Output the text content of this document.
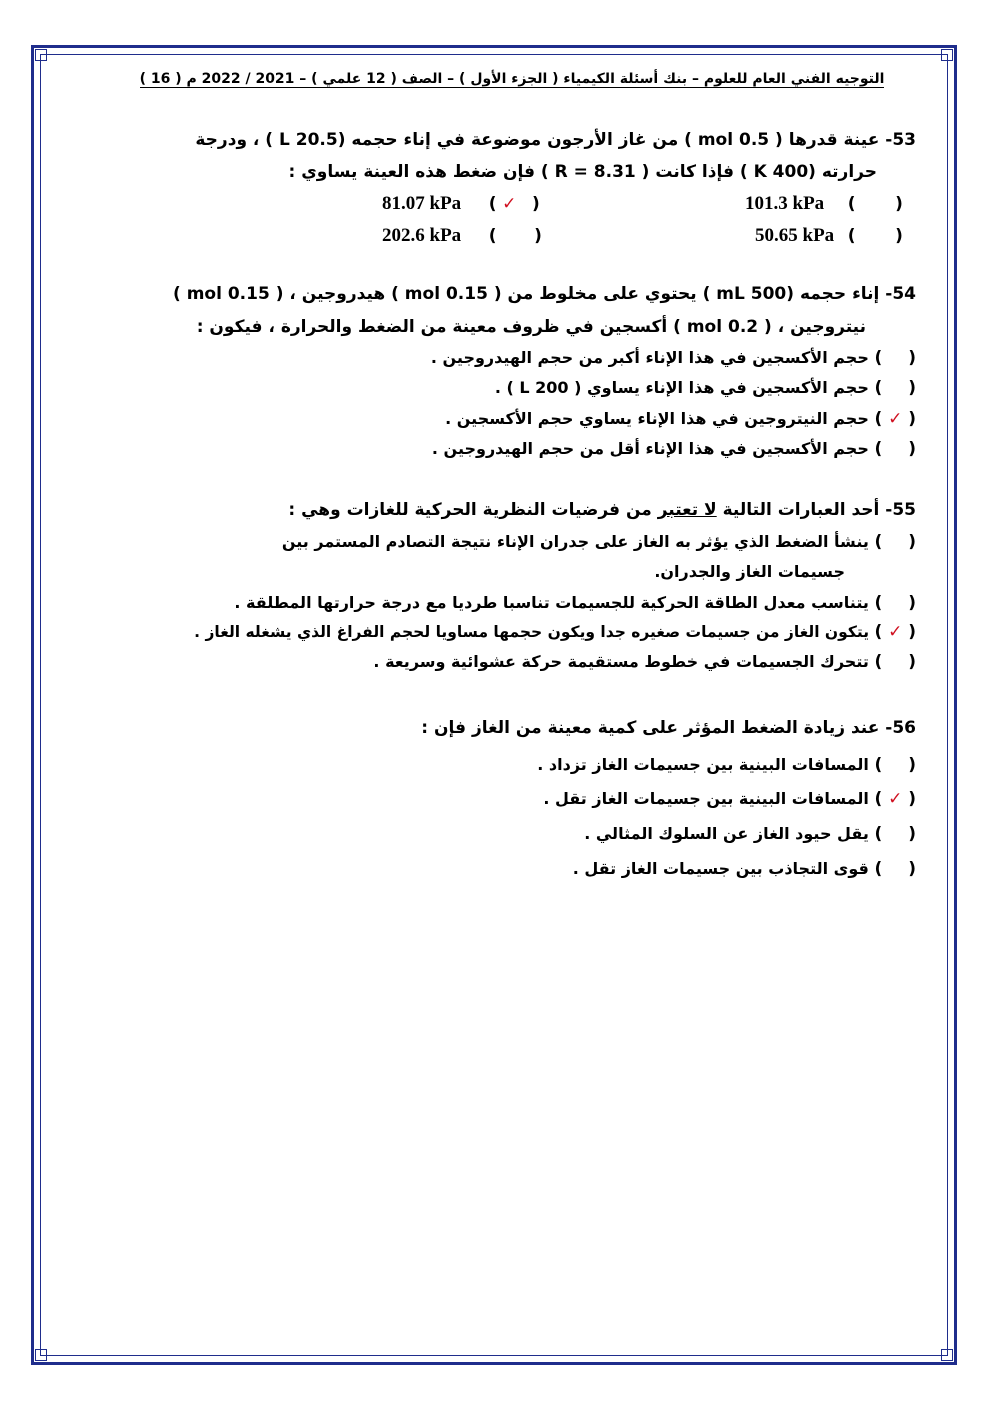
التوجيه الفني العام للعلوم – بنك أسئلة الكيمياء ( الجزء الأول ) – الصف ( 12 علمي ) – 2021 / 2022 م ( 16 )
53- عينة قدرها ( 0.5 mol ) من غاز الأرجون موضوعة في إناء حجمه (L 20.5 ) ، ودرجة
حرارته (K 400 ) فإذا كانت ( R = 8.31 ) فإن ضغط هذه العينة يساوي :
81.07 kPa ( ✓ )	101.3 kPa ( )
202.6 kPa ( )	50.65 kPa ( )
54- إناء حجمه (mL 500 ) يحتوي على مخلوط من ( 0.15 mol ) هيدروجين ، ( mol 0.15 )
نيتروجين ، ( 0.2 mol ) أكسجين في ظروف معينة من الضغط والحرارة ، فيكون :
() حجم الأكسجين في هذا الإناء أكبر من حجم الهيدروجين .
() حجم الأكسجين في هذا الإناء يساوي ( L 200 ) .
(✓) حجم النيتروجين في هذا الإناء يساوي حجم الأكسجين .
() حجم الأكسجين في هذا الإناء أقل من حجم الهيدروجين .
55- أحد العبارات التالية لا تعتبر من فرضيات النظرية الحركية للغازات وهي :
() ينشأ الضغط الذي يؤثر به الغاز على جدران الإناء نتيجة التصادم المستمر بين
جسيمات الغاز والجدران.
() يتناسب معدل الطاقة الحركية للجسيمات تناسبا طرديا مع درجة حرارتها المطلقة .
(✓) يتكون الغاز من جسيمات صغيره جدا ويكون حجمها مساويا لحجم الفراغ الذي يشغله الغاز .
() تتحرك الجسيمات في خطوط مستقيمة حركة عشوائية وسريعة .
56- عند زيادة الضغط المؤثر على كمية معينة من الغاز فإن :
() المسافات البينية بين جسيمات الغاز تزداد .
(✓) المسافات البينية بين جسيمات الغاز تقل .
() يقل حيود الغاز عن السلوك المثالي .
() قوى التجاذب بين جسيمات الغاز تقل .
